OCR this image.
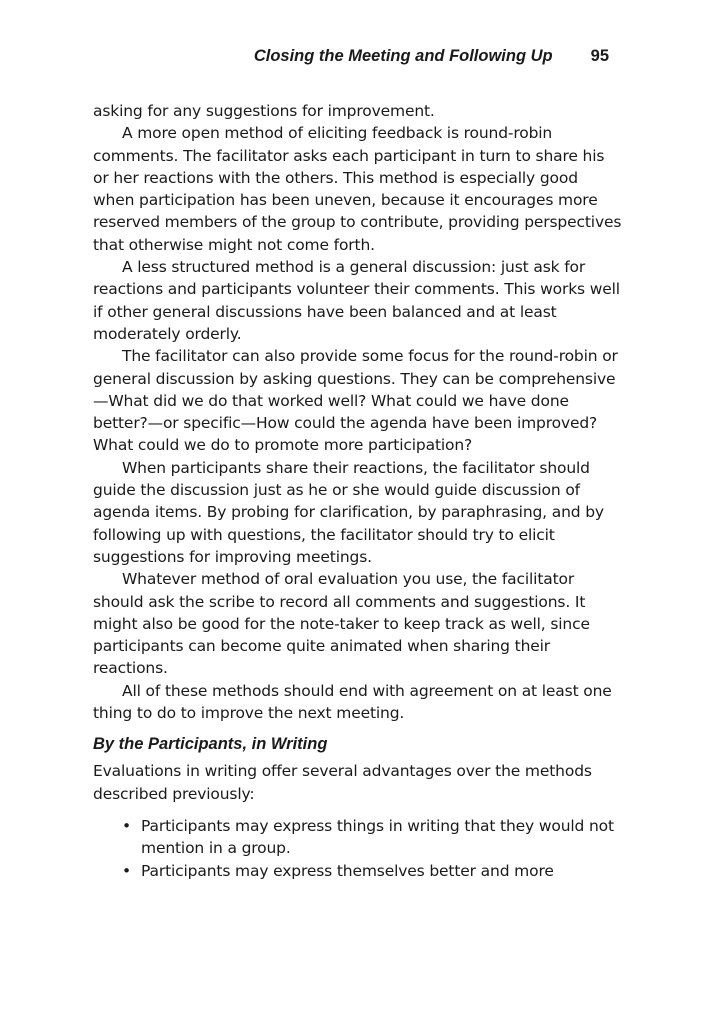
Closing the Meeting and Following Up 95

asking for any suggestions for improvement.

A more open method of eliciting feedback is round-robin comments. The facilitator asks each participant in turn to share his or her reactions with the others. This method is especially good when participation has been uneven, because it encourages more reserved members of the group to contribute, providing perspectives that otherwise might not come forth.

A less structured method is a general discussion: just ask for reactions and participants volunteer their comments. This works well if other general discussions have been balanced and at least moderately orderly.

The facilitator can also provide some focus for the round-robin or general discussion by asking questions. They can be comprehensive—What did we do that worked well? What could we have done better?—or specific—How could the agenda have been improved? What could we do to promote more participation?

When participants share their reactions, the facilitator should guide the discussion just as he or she would guide discussion of agenda items. By probing for clarification, by paraphrasing, and by following up with questions, the facilitator should try to elicit suggestions for improving meetings.

Whatever method of oral evaluation you use, the facilitator should ask the scribe to record all comments and suggestions. It might also be good for the note-taker to keep track as well, since participants can become quite animated when sharing their reactions.

All of these methods should end with agreement on at least one thing to do to improve the next meeting.

By the Participants, in Writing

Evaluations in writing offer several advantages over the methods described previously:

• Participants may express things in writing that they would not mention in a group.
• Participants may express themselves better and more
